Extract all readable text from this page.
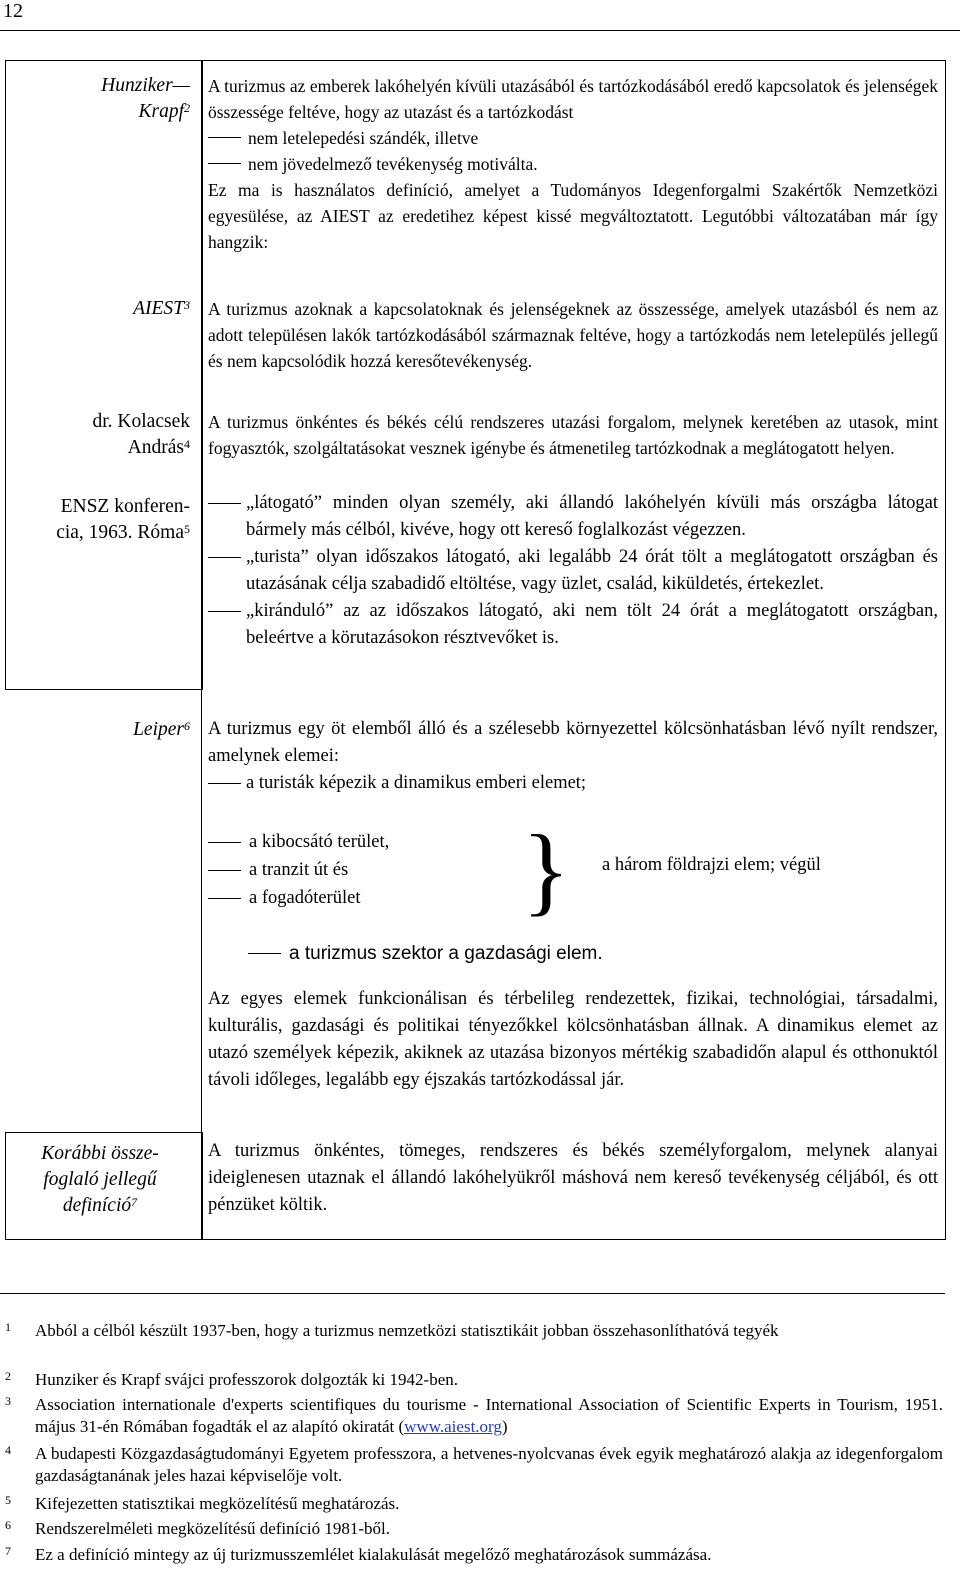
12
Hunziker—
Krapf$^2$
AIEST$^3$
dr. Kolacsek
András$^4$
ENSZ konferen-
cia, 1963. Róma$^5$
Leiper$^6$
Korábbi össze-
foglaló jellegű
definíció$^7$

A turizmus az emberek lakóhelyén kívüli utazásából és tartózkodásából eredő kapcsolatok és jelenségek összessége feltéve, hogy az utazást és a tartózkodást

nem letelepedési szándék, illetve

nem jövedelmező tevékenység motiválta.

Ez ma is használatos definíció, amelyet a Tudományos Idegenforgalmi Szakértők Nemzetközi egyesülése, az AIEST az eredetihez képest kissé megváltoztatott. Legutóbbi változatában már így hangzik:

A turizmus azoknak a kapcsolatoknak és jelenségeknek az összessége, amelyek utazásból és nem az adott településen lakók tartózkodásából származnak feltéve, hogy a tartózkodás nem letelepülés jellegű és nem kapcsolódik hozzá keresőtevékenység.

A turizmus önkéntes és békés célú rendszeres utazási forgalom, melynek keretében az utasok, mint fogyasztók, szolgáltatásokat vesznek igénybe és átmenetileg tartózkodnak a meglátogatott helyen.

„látogató” minden olyan személy, aki állandó lakóhelyén kívüli más országba látogat bármely más célból, kivéve, hogy ott kereső foglalkozást végezzen.
„turista” olyan időszakos látogató, aki legalább 24 órát tölt a meglátogatott országban és utazásának célja szabadidő eltöltése, vagy üzlet, család, kiküldetés, értekezlet.
„kiránduló” az az időszakos látogató, aki nem tölt 24 órát a meglátogatott országban, beleértve a körutazásokon résztvevőket is.

A turizmus egy öt elemből álló és a szélesebb környezettel kölcsönhatásban lévő nyílt rendszer, amelynek elemei:

a turisták képezik a dinamikus emberi elemet;

a kibocsátó terület,
a tranzit út és
a fogadóterület } a három földrajzi elem; végül
a turizmus szektor a gazdasági elem.

Az egyes elemek funkcionálisan és térbelileg rendezettek, fizikai, technológiai, társadalmi, kulturális, gazdasági és politikai tényezőkkel kölcsönhatásban állnak. A dinamikus elemet az utazó személyek képezik, akiknek az utazása bizonyos mértékig szabadidőn alapul és otthonuktól távoli időleges, legalább egy éjszakás tartózkodással jár.

A turizmus önkéntes, tömeges, rendszeres és békés személyforgalom, melynek alanyai ideiglenesen utaznak el állandó lakóhelyükről máshová nem kereső tevékenység céljából, és ott pénzüket költik.

1 Abból a célból készült 1937-ben, hogy a turizmus nemzetközi statisztikáit jobban összehasonlíthatóvá tegyék
2 Hunziker és Krapf svájci professzorok dolgozták ki 1942-ben.
3 Association internationale d'experts scientifiques du tourisme - International Association of Scientific Experts in Tourism, 1951. május 31-én Rómában fogadták el az alapító okiratát (www.aiest.org)
4 A budapesti Közgazdaságtudományi Egyetem professzora, a hetvenes-nyolcvanas évek egyik meghatározó alakja az idegenforgalom gazdaságtanának jeles hazai képviselője volt.
5 Kifejezetten statisztikai megközelítésű meghatározás.
6 Rendszerelméleti megközelítésű definíció 1981-ből.
7 Ez a definíció mintegy az új turizmusszemlélet kialakulását megelőző meghatározások summázása.
